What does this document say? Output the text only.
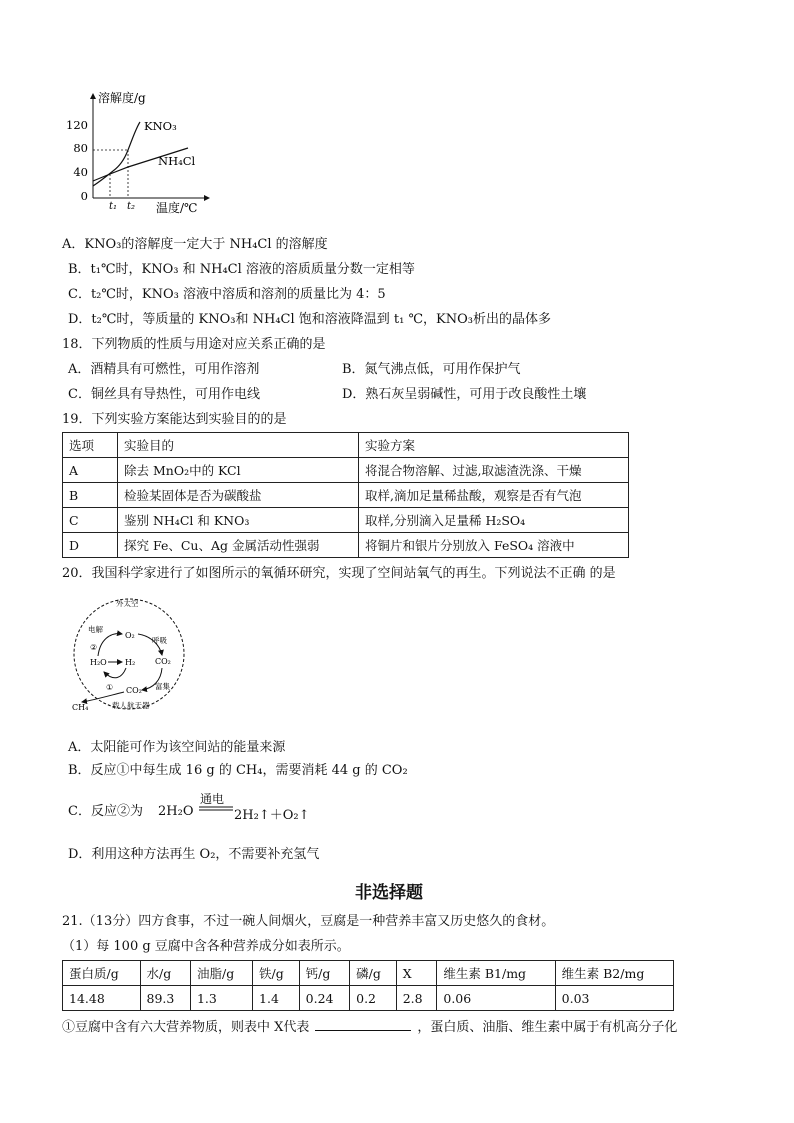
溶解度/g
温度/℃
120
80
40
0
t₁ t₂
KNO₃
NH₄Cl
A．KNO₃的溶解度一定大于 NH₄Cl 的溶解度
B．t₁℃时，KNO₃ 和 NH₄Cl 溶液的溶质质量分数一定相等
C．t₂℃时，KNO₃ 溶液中溶质和溶剂的质量比为 4：5
D．t₂℃时，等质量的 KNO₃和 NH₄Cl 饱和溶液降温到 t₁ ℃，KNO₃析出的晶体多
18．下列物质的性质与用途对应关系正确的是
A．酒精具有可燃性，可用作溶剂	B．氮气沸点低，可用作保护气
C．铜丝具有导热性，可用作电线	D．熟石灰呈弱碱性，可用于改良酸性土壤
19．下列实验方案能达到实验目的的是
选项	实验目的	实验方案
A	除去 MnO₂中的 KCl	将混合物溶解、过滤,取滤渣洗涤、干燥
B	检验某固体是否为碳酸盐	取样,滴加足量稀盐酸，观察是否有气泡
C	鉴别 NH₄Cl 和 KNO₃	取样,分别滴入足量稀 H₂SO₄
D	探究 Fe、Cu、Ag 金属活动性强弱	将铜片和银片分别放入 FeSO₄ 溶液中
20．我国科学家进行了如图所示的氧循环研究，实现了空间站氧气的再生。下列说法不正确 的是
外太空
电解
②
O₂
呼吸
H₂O H₂ CO₂
① CO₂ 富集
CH₄	载人航天器
A．太阳能可作为该空间站的能量来源
B．反应①中每生成 16 g 的 CH₄，需要消耗 44 g 的 CO₂
C．反应②为 2H₂O
通电
2H₂↑＋O₂↑
D．利用这种方法再生 O₂，不需要补充氢气
非选择题
21.（13分）四方食事，不过一碗人间烟火，豆腐是一种营养丰富又历史悠久的食材。
（1）每 100 g 豆腐中含各种营养成分如表所示。
蛋白质/g	水/g	油脂/g	铁/g	钙/g	磷/g	X	维生素 B1/mg	维生素 B2/mg
14.48	89.3	1.3	1.4	0.24	0.2	2.8	0.06	0.03
①豆腐中含有六大营养物质，则表中 X代表	，蛋白质、油脂、维生素中属于有机高分子化
